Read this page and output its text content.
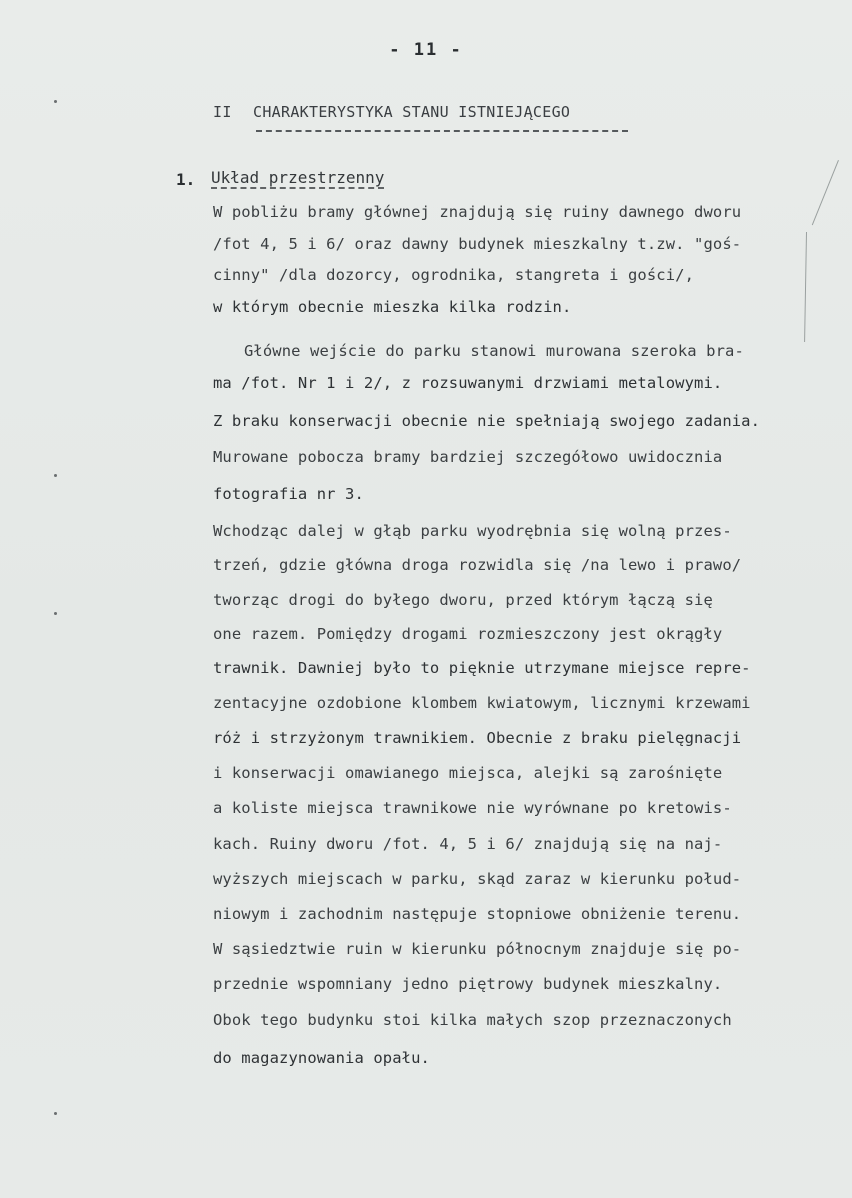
- 11 -
II CHARAKTERYSTYKA STANU ISTNIEJĄCEGO
1. Układ przestrzenny
W pobliżu bramy głównej znajdują się ruiny dawnego dworu
/fot 4, 5 i 6/ oraz dawny budynek mieszkalny t.zw. "goś-
cinny" /dla dozorcy, ogrodnika, stangreta i gości/,
w którym obecnie mieszka kilka rodzin.
Główne wejście do parku stanowi murowana szeroka bra-
ma /fot. Nr 1 i 2/, z rozsuwanymi drzwiami metalowymi.
Z braku konserwacji obecnie nie spełniają swojego zadania.
Murowane pobocza bramy bardziej szczegółowo uwidocznia
fotografia nr 3.
Wchodząc dalej w głąb parku wyodrębnia się wolną przes-
trzeń, gdzie główna droga rozwidla się /na lewo i prawo/
tworząc drogi do byłego dworu, przed którym łączą się
one razem. Pomiędzy drogami rozmieszczony jest okrągły
trawnik. Dawniej było to pięknie utrzymane miejsce repre-
zentacyjne ozdobione klombem kwiatowym, licznymi krzewami
róż i strzyżonym trawnikiem. Obecnie z braku pielęgnacji
i konserwacji omawianego miejsca, alejki są zarośnięte
a koliste miejsca trawnikowe nie wyrównane po kretowis-
kach. Ruiny dworu /fot. 4, 5 i 6/ znajdują się na naj-
wyższych miejscach w parku, skąd zaraz w kierunku połud-
niowym i zachodnim następuje stopniowe obniżenie terenu.
W sąsiedztwie ruin w kierunku północnym znajduje się po-
przednie wspomniany jedno piętrowy budynek mieszkalny.
Obok tego budynku stoi kilka małych szop przeznaczonych
do magazynowania opału.
